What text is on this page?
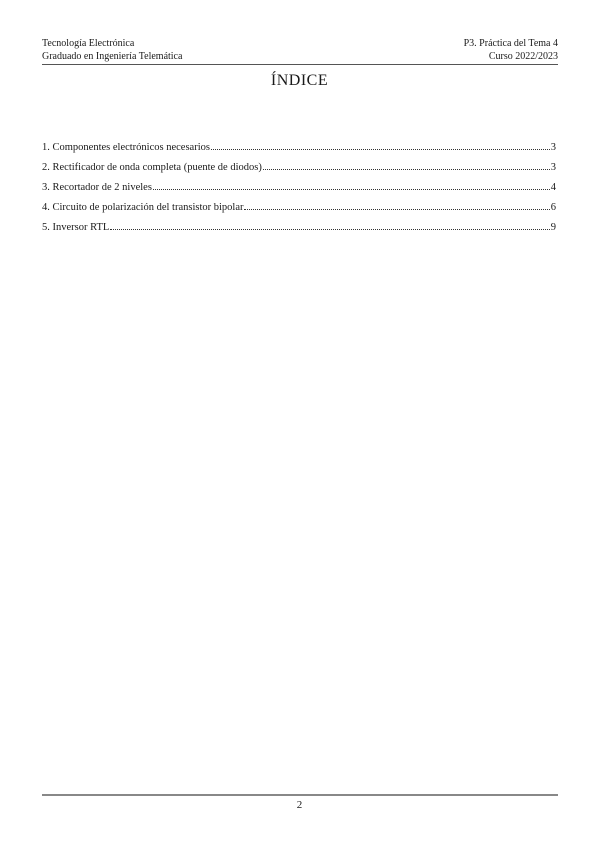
Tecnología Electrónica
Graduado en Ingeniería Telemática
P3. Práctica del Tema 4
Curso 2022/2023
ÍNDICE
1. Componentes electrónicos necesarios	3
2. Rectificador de onda completa (puente de diodos)	3
3. Recortador de 2 niveles	4
4. Circuito de polarización del transistor bipolar	6
5. Inversor RTL	9
2
